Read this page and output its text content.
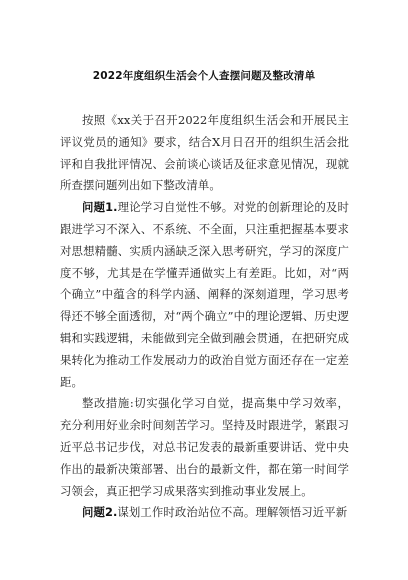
2022年度组织生活会个人查摆问题及整改清单

按照《xx关于召开2022年度组织生活会和开展民主评议党员的通知》要求，结合X月日召开的组织生活会批评和自我批评情况、会前谈心谈话及征求意见情况，现就所查摆问题列出如下整改清单。

问题1.理论学习自觉性不够。对党的创新理论的及时跟进学习不深入、不系统、不全面，只注重把握基本要求对思想精髓、实质内涵缺乏深入思考研究，学习的深度广度不够，尤其是在学懂弄通做实上有差距。比如，对“两个确立”中蕴含的科学内涵、阐释的深刻道理，学习思考得还不够全面透彻，对“两个确立”中的理论逻辑、历史逻辑和实践逻辑，未能做到完全做到融会贯通，在把研究成果转化为推动工作发展动力的政治自觉方面还存在一定差距。

整改措施:切实强化学习自觉，提高集中学习效率，充分利用好业余时间刻苦学习。坚持及时跟进学，紧跟习近平总书记步伐，对总书记发表的最新重要讲话、党中央作出的最新决策部署、出台的最新文件，都在第一时间学习领会，真正把学习成果落实到推动事业发展上。

问题2.谋划工作时政治站位不高。理解领悟习近平新
